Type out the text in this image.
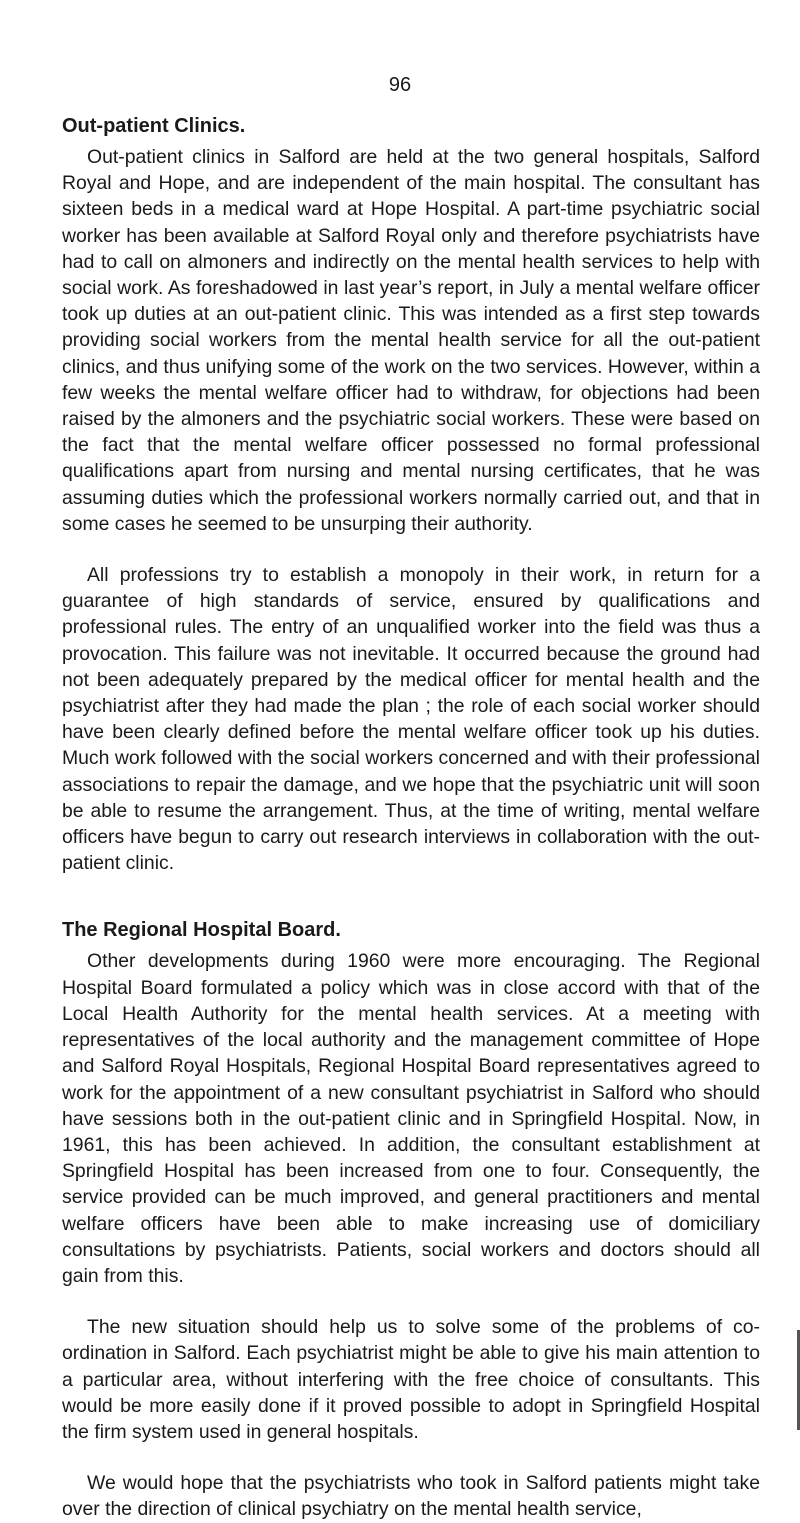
96
Out-patient Clinics.

Out-patient clinics in Salford are held at the two general hospitals, Salford Royal and Hope, and are independent of the main hospital. The consultant has sixteen beds in a medical ward at Hope Hospital. A part-time psychiatric social worker has been available at Salford Royal only and therefore psychiatrists have had to call on almoners and indirectly on the mental health services to help with social work. As foreshadowed in last year’s report, in July a mental welfare officer took up duties at an out-patient clinic. This was intended as a first step towards providing social workers from the mental health service for all the out-patient clinics, and thus unifying some of the work on the two services. However, within a few weeks the mental welfare officer had to withdraw, for objections had been raised by the almoners and the psychiatric social workers. These were based on the fact that the mental welfare officer possessed no formal professional qualifications apart from nursing and mental nursing certificates, that he was assuming duties which the professional workers normally carried out, and that in some cases he seemed to be unsurping their authority.

All professions try to establish a monopoly in their work, in return for a guarantee of high standards of service, ensured by qualifications and professional rules. The entry of an unqualified worker into the field was thus a provocation. This failure was not inevitable. It occurred because the ground had not been adequately prepared by the medical officer for mental health and the psychiatrist after they had made the plan ; the role of each social worker should have been clearly defined before the mental welfare officer took up his duties. Much work followed with the social workers concerned and with their professional associations to repair the damage, and we hope that the psychiatric unit will soon be able to resume the arrangement. Thus, at the time of writing, mental welfare officers have begun to carry out research interviews in collaboration with the out-patient clinic.

The Regional Hospital Board.

Other developments during 1960 were more encouraging. The Regional Hospital Board formulated a policy which was in close accord with that of the Local Health Authority for the mental health services. At a meeting with representatives of the local authority and the management committee of Hope and Salford Royal Hospitals, Regional Hospital Board representatives agreed to work for the appointment of a new consultant psychiatrist in Salford who should have sessions both in the out-patient clinic and in Springfield Hospital. Now, in 1961, this has been achieved. In addition, the consultant establishment at Springfield Hospital has been increased from one to four. Consequently, the service provided can be much improved, and general practitioners and mental welfare officers have been able to make increasing use of domiciliary consultations by psychiatrists. Patients, social workers and doctors should all gain from this.

The new situation should help us to solve some of the problems of co-ordination in Salford. Each psychiatrist might be able to give his main attention to a particular area, without interfering with the free choice of consultants. This would be more easily done if it proved possible to adopt in Springfield Hospital the firm system used in general hospitals.

We would hope that the psychiatrists who took in Salford patients might take over the direction of clinical psychiatry on the mental health service,
